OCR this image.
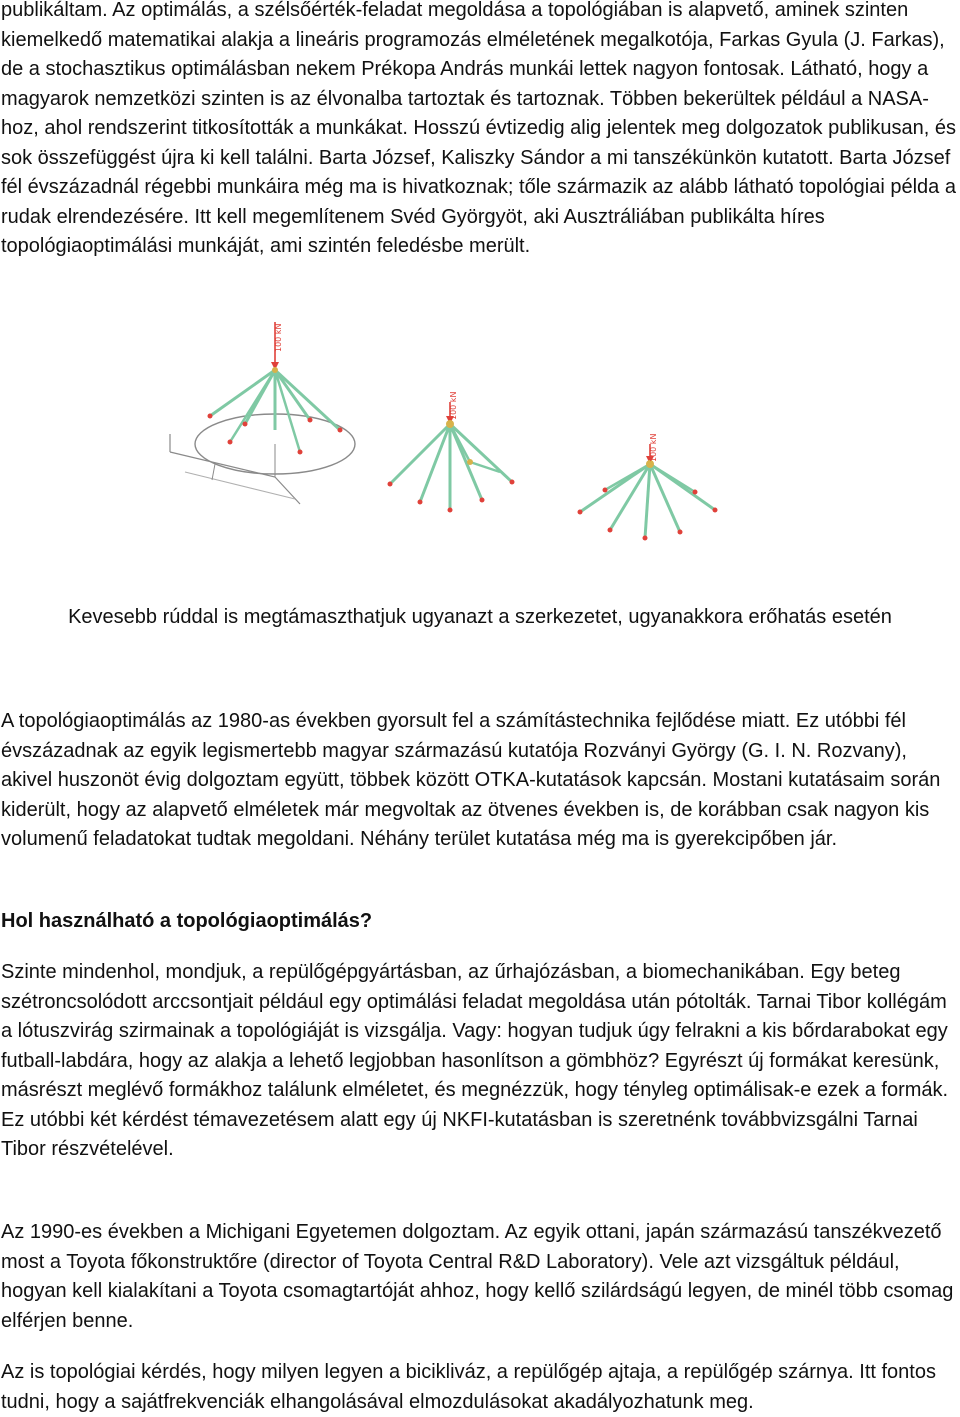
publikáltam. Az optimálás, a szélsőérték-feladat megoldása a topológiában is alapvető, aminek szinten kiemelkedő matematikai alakja a lineáris programozás elméletének megalkotója, Farkas Gyula (J. Farkas), de a stochasztikus optimálásban nekem Prékopa András munkái lettek nagyon fontosak. Látható, hogy a magyarok nemzetközi szinten is az élvonalba tartoztak és tartoznak. Többen bekerültek például a NASA-hoz, ahol rendszerint titkosították a munkákat. Hosszú évtizedig alig jelentek meg dolgozatok publikusan, és sok összefüggést újra ki kell találni. Barta József, Kaliszky Sándor a mi tanszékünkön kutatott. Barta József fél évszázadnál régebbi munkáira még ma is hivatkoznak; tőle származik az alább látható topológiai példa a rudak elrendezésére. Itt kell megemlítenem Svéd Györgyöt, aki Ausztráliában publikálta híres topológiaoptimálási munkáját, ami szintén feledésbe merült.

100 kN
100 kN
100 kN

Kevesebb rúddal is megtámaszthatjuk ugyanazt a szerkezetet, ugyanakkora erőhatás esetén

A topológiaoptimálás az 1980-as években gyorsult fel a számítástechnika fejlődése miatt. Ez utóbbi fél évszázadnak az egyik legismertebb magyar származású kutatója Rozványi György (G. I. N. Rozvany), akivel huszonöt évig dolgoztam együtt, többek között OTKA-kutatások kapcsán. Mostani kutatásaim során kiderült, hogy az alapvető elméletek már megvoltak az ötvenes években is, de korábban csak nagyon kis volumenű feladatokat tudtak megoldani. Néhány terület kutatása még ma is gyerekcipőben jár.

Hol használható a topológiaoptimálás?

Szinte mindenhol, mondjuk, a repülőgépgyártásban, az űrhajózásban, a biomechanikában. Egy beteg szétroncsolódott arccsontjait például egy optimálási feladat megoldása után pótolták. Tarnai Tibor kollégám a lótuszvirág szirmainak a topológiáját is vizsgálja. Vagy: hogyan tudjuk úgy felrakni a kis bőrdarabokat egy futball-labdára, hogy az alakja a lehető legjobban hasonlítson a gömbhöz? Egyrészt új formákat keresünk, másrészt meglévő formákhoz találunk elméletet, és megnézzük, hogy tényleg optimálisak-e ezek a formák. Ez utóbbi két kérdést témavezetésem alatt egy új NKFI-kutatásban is szeretnénk továbbvizsgálni Tarnai Tibor részvételével.

Az 1990-es években a Michigani Egyetemen dolgoztam. Az egyik ottani, japán származású tanszékvezető most a Toyota főkonstruktőre (director of Toyota Central R&D Laboratory). Vele azt vizsgáltuk például, hogyan kell kialakítani a Toyota csomagtartóját ahhoz, hogy kellő szilárdságú legyen, de minél több csomag elférjen benne.

Az is topológiai kérdés, hogy milyen legyen a bicikliváz, a repülőgép ajtaja, a repülőgép szárnya. Itt fontos tudni, hogy a sajátfrekvenciák elhangolásával elmozdulásokat akadályozhatunk meg.
